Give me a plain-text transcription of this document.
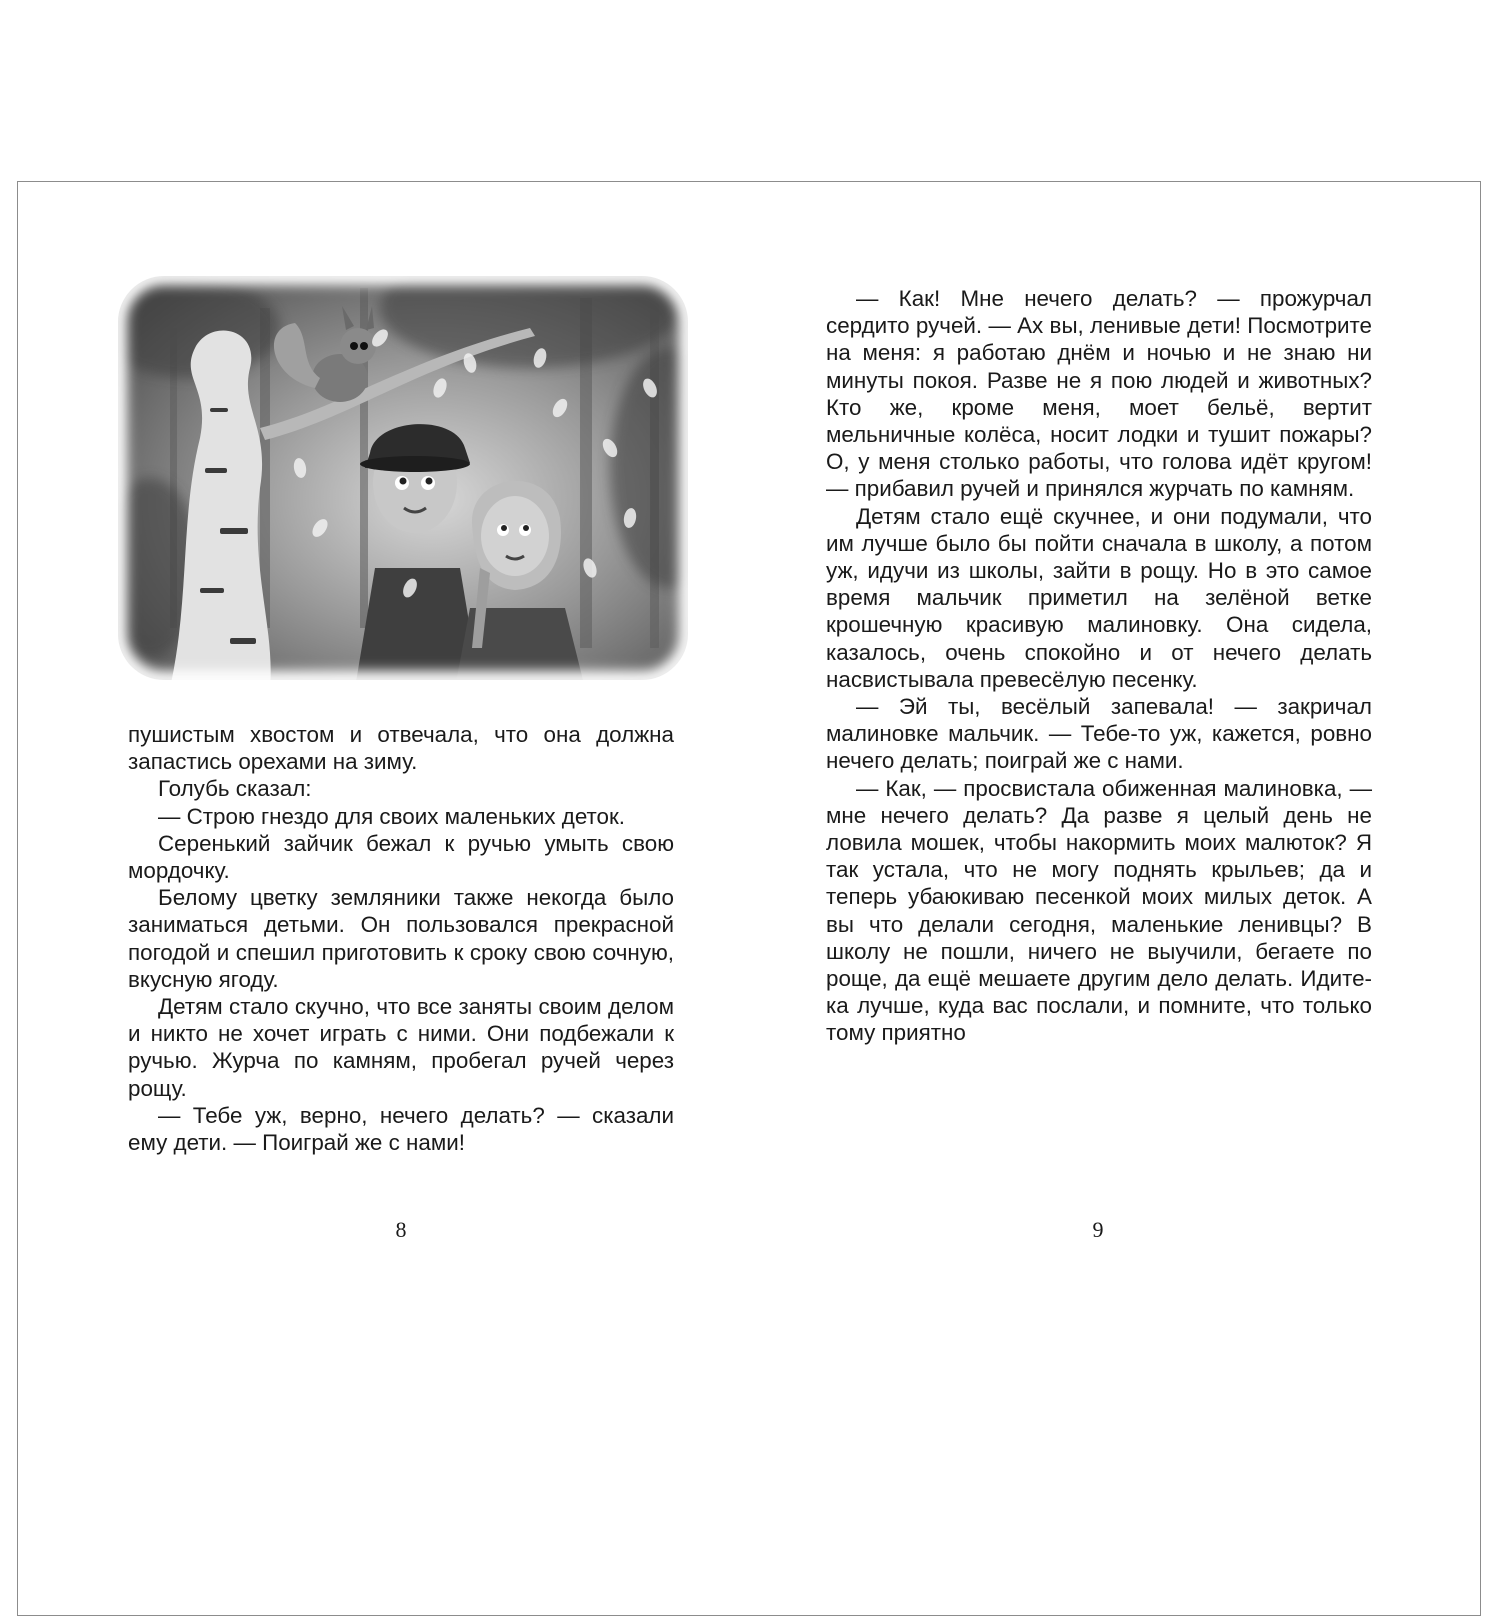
пушистым хвостом и отвечала, что она должна запастись орехами на зиму.

Голубь сказал:

— Строю гнездо для своих маленьких деток.

Серенький зайчик бежал к ручью умыть свою мордочку.

Белому цветку земляники также некогда было заниматься детьми. Он пользовался прекрасной погодой и спешил приготовить к сроку свою сочную, вкусную ягоду.

Детям стало скучно, что все заняты своим делом и никто не хочет играть с ними. Они подбежали к ручью. Журча по камням, пробегал ручей через рощу.

— Тебе уж, верно, нечего делать? — сказали ему дети. — Поиграй же с нами!

— Как! Мне нечего делать? — прожурчал сердито ручей. — Ах вы, ленивые дети! Посмотрите на меня: я работаю днём и ночью и не знаю ни минуты покоя. Разве не я пою людей и животных? Кто же, кроме меня, моет бельё, вертит мельничные колёса, носит лодки и тушит пожары? О, у меня столько работы, что голова идёт кругом! — прибавил ручей и принялся журчать по камням.

Детям стало ещё скучнее, и они подумали, что им лучше было бы пойти сначала в школу, а потом уж, идучи из школы, зайти в рощу. Но в это самое время мальчик приметил на зелёной ветке крошечную красивую малиновку. Она сидела, казалось, очень спокойно и от нечего делать насвистывала превесёлую песенку.

— Эй ты, весёлый запевала! — закричал малиновке мальчик. — Тебе-то уж, кажется, ровно нечего делать; поиграй же с нами.

— Как, — просвистала обиженная малиновка, — мне нечего делать? Да разве я целый день не ловила мошек, чтобы накормить моих малюток? Я так устала, что не могу поднять крыльев; да и теперь убаюкиваю песенкой моих милых деток. А вы что делали сегодня, маленькие ленивцы? В школу не пошли, ничего не выучили, бегаете по роще, да ещё мешаете другим дело делать. Идите-ка лучше, куда вас послали, и помните, что только тому приятно

8	9
